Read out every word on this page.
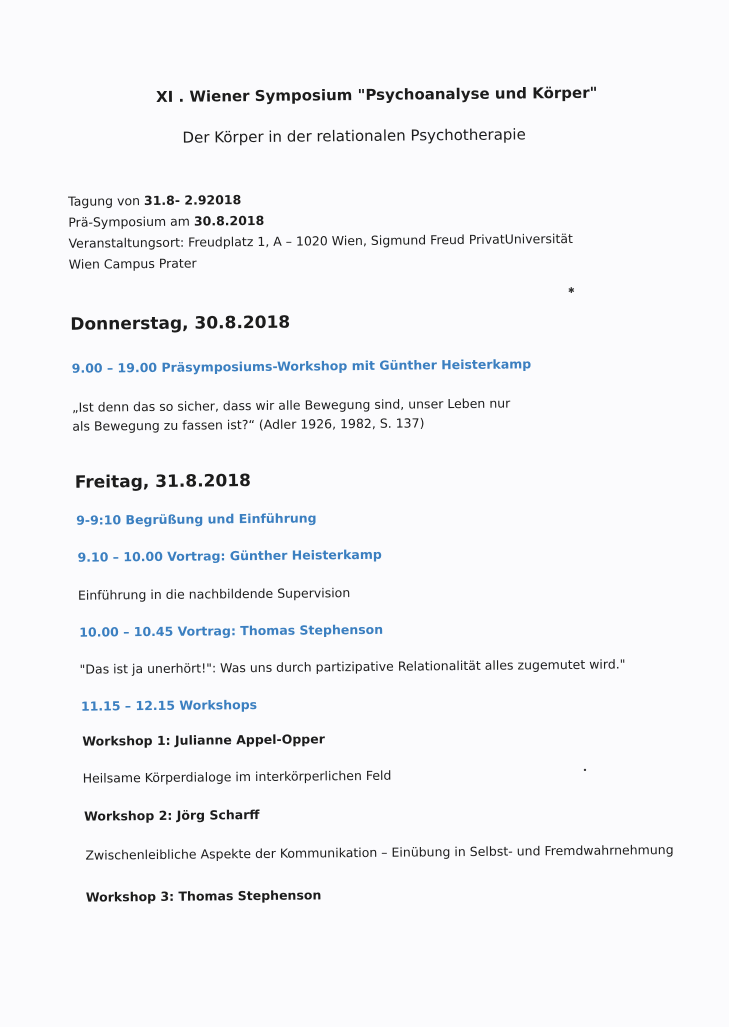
XI . Wiener Symposium "Psychoanalyse und Körper"
Der Körper in der relationalen Psychotherapie
Tagung von 31.8- 2.92018
Prä-Symposium am 30.8.2018
Veranstaltungsort: Freudplatz 1, A – 1020 Wien, Sigmund Freud PrivatUniversität
Wien Campus Prater
Donnerstag, 30.8.2018
9.00 – 19.00 Präsymposiums-Workshop mit Günther Heisterkamp
„Ist denn das so sicher, dass wir alle Bewegung sind, unser Leben nur
als Bewegung zu fassen ist?“ (Adler 1926, 1982, S. 137)
Freitag, 31.8.2018
9-9:10 Begrüßung und Einführung
9.10 – 10.00 Vortrag: Günther Heisterkamp
Einführung in die nachbildende Supervision
10.00 – 10.45 Vortrag: Thomas Stephenson
"Das ist ja unerhört!": Was uns durch partizipative Relationalität alles zugemutet wird."
11.15 – 12.15 Workshops
Workshop 1: Julianne Appel-Opper
Heilsame Körperdialoge im interkörperlichen Feld
Workshop 2: Jörg Scharff
Zwischenleibliche Aspekte der Kommunikation – Einübung in Selbst- und Fremdwahrnehmung
Workshop 3: Thomas Stephenson
✱
•
